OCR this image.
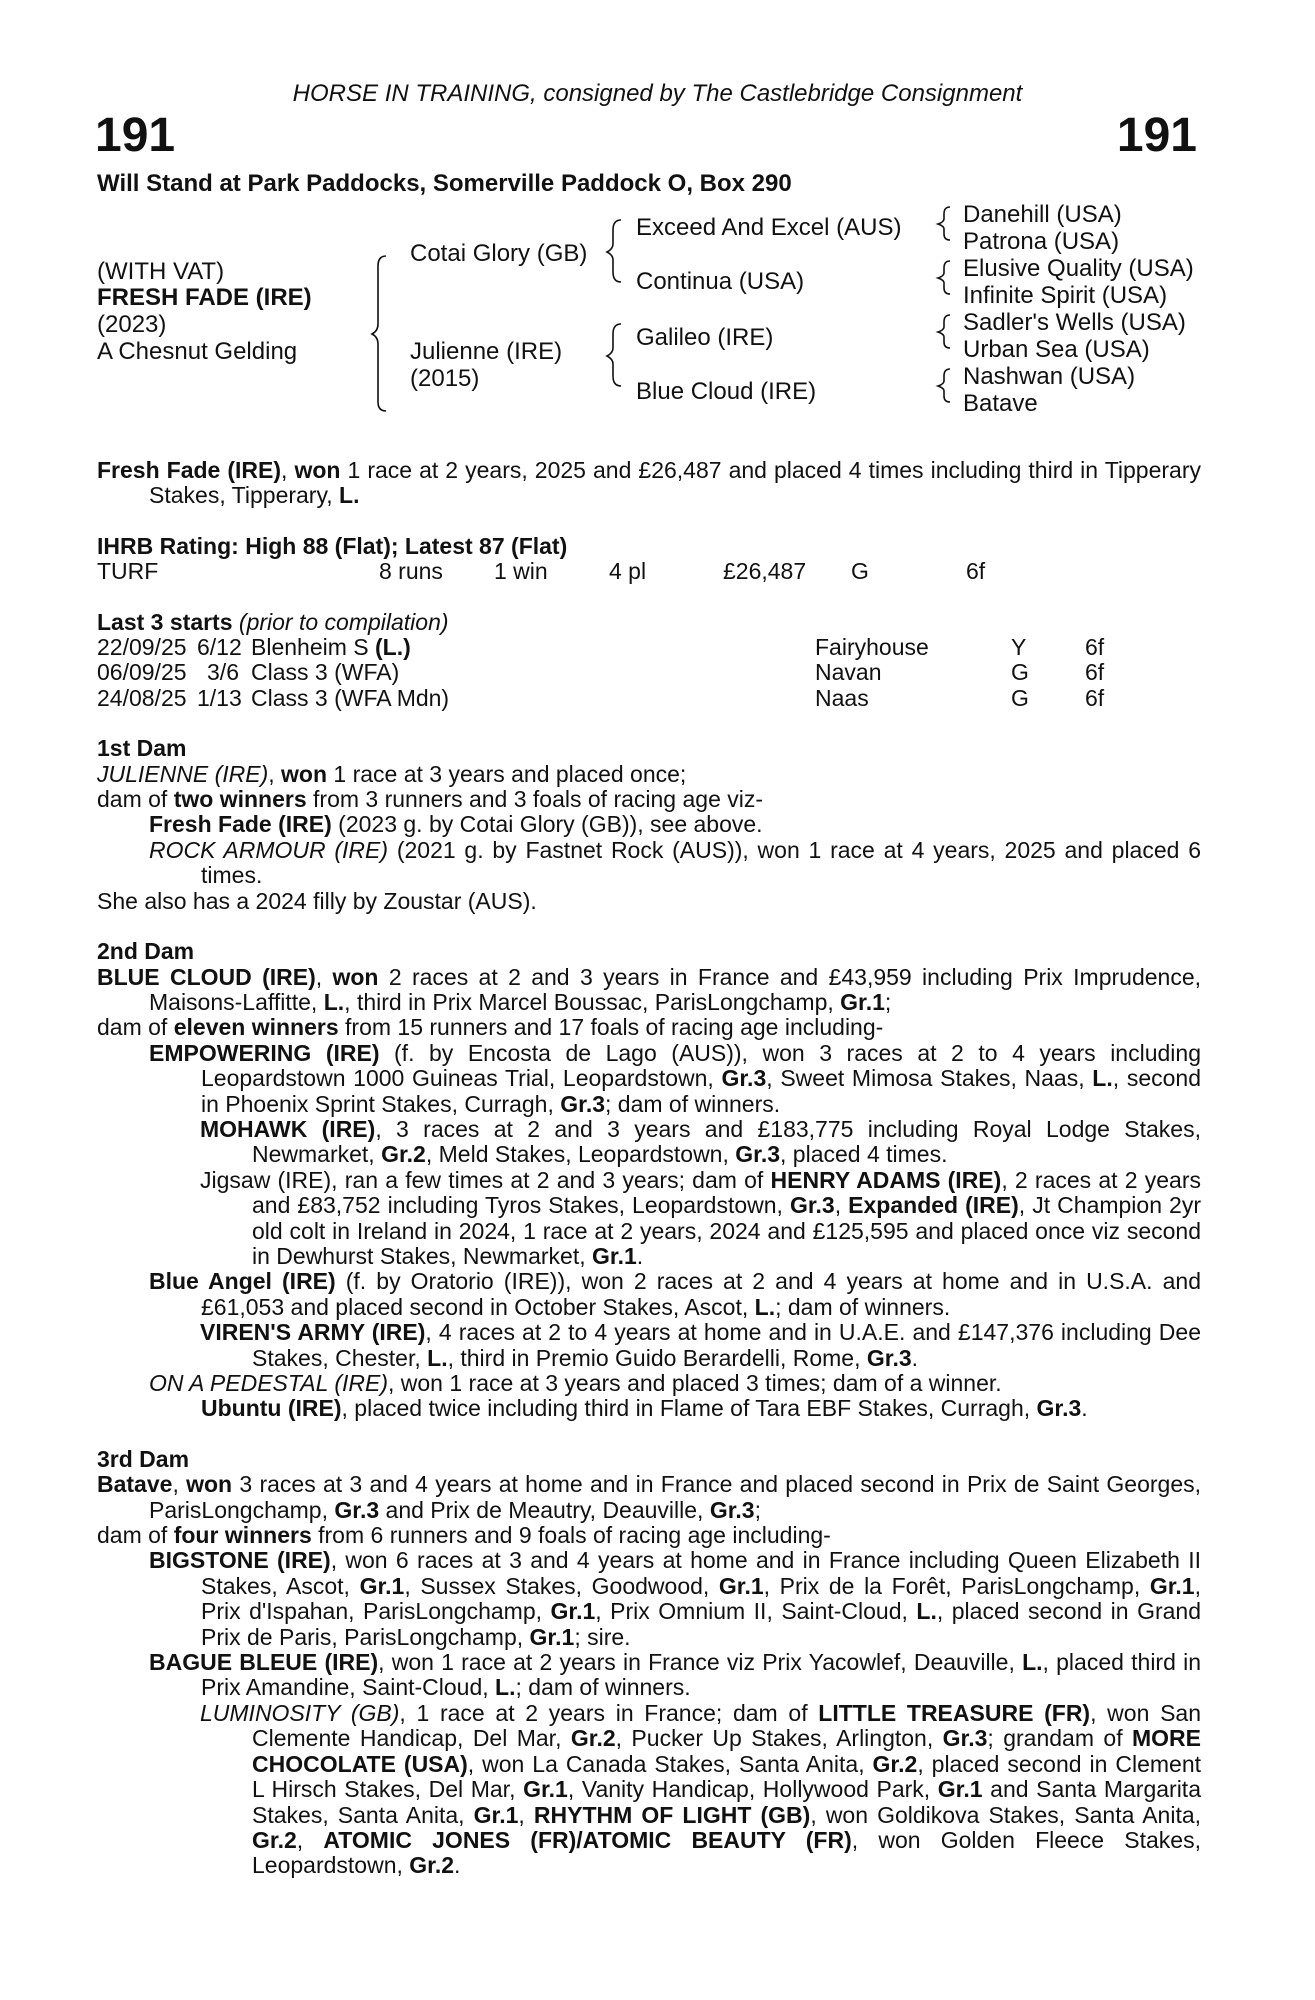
HORSE IN TRAINING, consigned by The Castlebridge Consignment
191	191
Will Stand at Park Paddocks, Somerville Paddock O, Box 290
(WITH VAT)
FRESH FADE (IRE)
(2023)
A Chesnut Gelding
Cotai Glory (GB)
Julienne (IRE)
(2015)
Exceed And Excel (AUS)
Continua (USA)
Galileo (IRE)
Blue Cloud (IRE)
Danehill (USA)
Patrona (USA)
Elusive Quality (USA)
Infinite Spirit (USA)
Sadler's Wells (USA)
Urban Sea (USA)
Nashwan (USA)
Batave

Fresh Fade (IRE), won 1 race at 2 years, 2025 and £26,487 and placed 4 times including third in Tipperary Stakes, Tipperary, L.

IHRB Rating: High 88 (Flat); Latest 87 (Flat)

TURF	8 runs	1 win	4 pl	£26,487	G	6f

Last 3 starts (prior to compilation)

22/09/25 6/12 Blenheim S (L.)	Fairyhouse	Y	6f
06/09/25 3/6 Class 3 (WFA)	Navan	G	6f
24/08/25 1/13 Class 3 (WFA Mdn)	Naas	G	6f

1st Dam

JULIENNE (IRE), won 1 race at 3 years and placed once;

dam of two winners from 3 runners and 3 foals of racing age viz-

Fresh Fade (IRE) (2023 g. by Cotai Glory (GB)), see above.

ROCK ARMOUR (IRE) (2021 g. by Fastnet Rock (AUS)), won 1 race at 4 years, 2025 and placed 6 times.

She also has a 2024 filly by Zoustar (AUS).

2nd Dam

BLUE CLOUD (IRE), won 2 races at 2 and 3 years in France and £43,959 including Prix Imprudence, Maisons-Laffitte, L., third in Prix Marcel Boussac, ParisLongchamp, Gr.1;

dam of eleven winners from 15 runners and 17 foals of racing age including-

EMPOWERING (IRE) (f. by Encosta de Lago (AUS)), won 3 races at 2 to 4 years including Leopardstown 1000 Guineas Trial, Leopardstown, Gr.3, Sweet Mimosa Stakes, Naas, L., second in Phoenix Sprint Stakes, Curragh, Gr.3; dam of winners.

MOHAWK (IRE), 3 races at 2 and 3 years and £183,775 including Royal Lodge Stakes, Newmarket, Gr.2, Meld Stakes, Leopardstown, Gr.3, placed 4 times.

Jigsaw (IRE), ran a few times at 2 and 3 years; dam of HENRY ADAMS (IRE), 2 races at 2 years and £83,752 including Tyros Stakes, Leopardstown, Gr.3, Expanded (IRE), Jt Champion 2yr old colt in Ireland in 2024, 1 race at 2 years, 2024 and £125,595 and placed once viz second in Dewhurst Stakes, Newmarket, Gr.1.

Blue Angel (IRE) (f. by Oratorio (IRE)), won 2 races at 2 and 4 years at home and in U.S.A. and £61,053 and placed second in October Stakes, Ascot, L.; dam of winners.

VIREN'S ARMY (IRE), 4 races at 2 to 4 years at home and in U.A.E. and £147,376 including Dee Stakes, Chester, L., third in Premio Guido Berardelli, Rome, Gr.3.

ON A PEDESTAL (IRE), won 1 race at 3 years and placed 3 times; dam of a winner.

Ubuntu (IRE), placed twice including third in Flame of Tara EBF Stakes, Curragh, Gr.3.

3rd Dam

Batave, won 3 races at 3 and 4 years at home and in France and placed second in Prix de Saint Georges, ParisLongchamp, Gr.3 and Prix de Meautry, Deauville, Gr.3;

dam of four winners from 6 runners and 9 foals of racing age including-

BIGSTONE (IRE), won 6 races at 3 and 4 years at home and in France including Queen Elizabeth II Stakes, Ascot, Gr.1, Sussex Stakes, Goodwood, Gr.1, Prix de la Forêt, ParisLongchamp, Gr.1, Prix d'Ispahan, ParisLongchamp, Gr.1, Prix Omnium II, Saint-Cloud, L., placed second in Grand Prix de Paris, ParisLongchamp, Gr.1; sire.

BAGUE BLEUE (IRE), won 1 race at 2 years in France viz Prix Yacowlef, Deauville, L., placed third in Prix Amandine, Saint-Cloud, L.; dam of winners.

LUMINOSITY (GB), 1 race at 2 years in France; dam of LITTLE TREASURE (FR), won San Clemente Handicap, Del Mar, Gr.2, Pucker Up Stakes, Arlington, Gr.3; grandam of MORE CHOCOLATE (USA), won La Canada Stakes, Santa Anita, Gr.2, placed second in Clement L Hirsch Stakes, Del Mar, Gr.1, Vanity Handicap, Hollywood Park, Gr.1 and Santa Margarita Stakes, Santa Anita, Gr.1, RHYTHM OF LIGHT (GB), won Goldikova Stakes, Santa Anita, Gr.2, ATOMIC JONES (FR)/ATOMIC BEAUTY (FR), won Golden Fleece Stakes, Leopardstown, Gr.2.
